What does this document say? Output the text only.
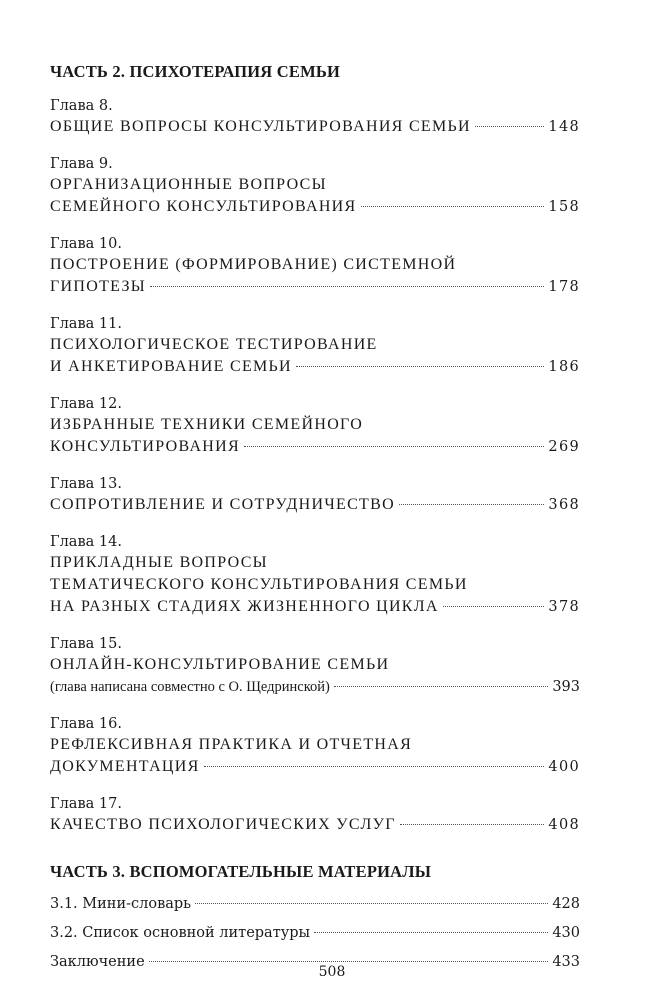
ЧАСТЬ 2. ПСИХОТЕРАПИЯ СЕМЬИ
Глава 8.
ОБЩИЕ ВОПРОСЫ КОНСУЛЬТИРОВАНИЯ СЕМЬИ	148
Глава 9.
ОРГАНИЗАЦИОННЫЕ ВОПРОСЫ
СЕМЕЙНОГО КОНСУЛЬТИРОВАНИЯ	158
Глава 10.
ПОСТРОЕНИЕ (ФОРМИРОВАНИЕ) СИСТЕМНОЙ
ГИПОТЕЗЫ	178
Глава 11.
ПСИХОЛОГИЧЕСКОЕ ТЕСТИРОВАНИЕ
И АНКЕТИРОВАНИЕ СЕМЬИ	186
Глава 12.
ИЗБРАННЫЕ ТЕХНИКИ СЕМЕЙНОГО
КОНСУЛЬТИРОВАНИЯ	269
Глава 13.
СОПРОТИВЛЕНИЕ И СОТРУДНИЧЕСТВО	368
Глава 14.
ПРИКЛАДНЫЕ ВОПРОСЫ
ТЕМАТИЧЕСКОГО КОНСУЛЬТИРОВАНИЯ СЕМЬИ
НА РАЗНЫХ СТАДИЯХ ЖИЗНЕННОГО ЦИКЛА	378
Глава 15.
ОНЛАЙН-КОНСУЛЬТИРОВАНИЕ СЕМЬИ
(глава написана совместно с О. Щедринской)	393
Глава 16.
РЕФЛЕКСИВНАЯ ПРАКТИКА И ОТЧЕТНАЯ
ДОКУМЕНТАЦИЯ	400
Глава 17.
КАЧЕСТВО ПСИХОЛОГИЧЕСКИХ УСЛУГ	408
ЧАСТЬ 3. ВСПОМОГАТЕЛЬНЫЕ МАТЕРИАЛЫ
3.1. Мини-словарь	428
3.2. Список основной литературы	430
Заключение	433
508
